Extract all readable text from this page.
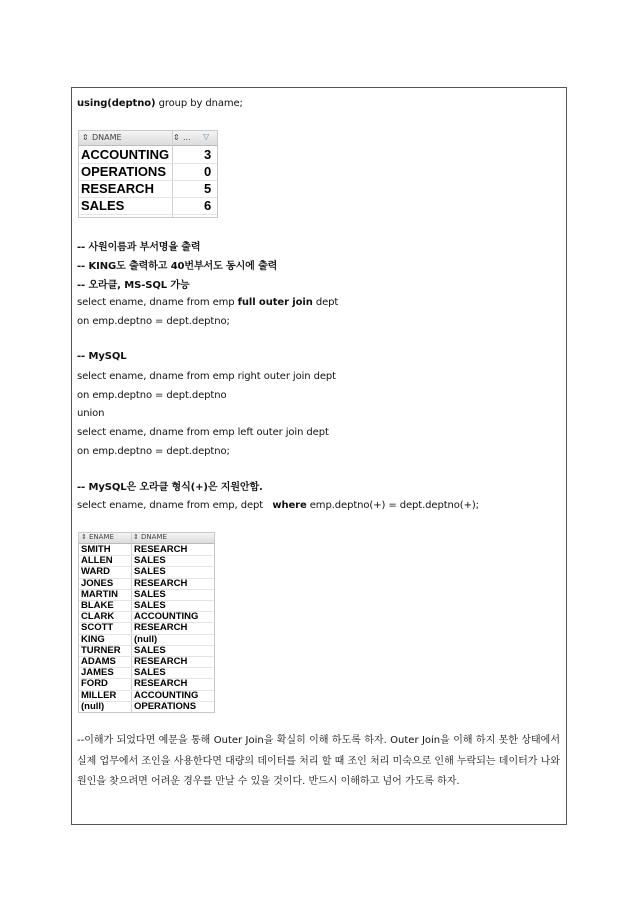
using(deptno) group by dname;
⇕ DNAME	⇕ ... ▽
ACCOUNTING	3
OPERATIONS	0
RESEARCH	5
SALES	6
-- 사원이름과 부서명을 출력
-- KING도 출력하고 40번부서도 동시에 출력
-- 오라클, MS-SQL 가능
select ename, dname from emp full outer join dept
on emp.deptno = dept.deptno;
-- MySQL
select ename, dname from emp right outer join dept
on emp.deptno = dept.deptno
union
select ename, dname from emp left outer join dept
on emp.deptno = dept.deptno;
-- MySQL은 오라클 형식(+)은 지원안함.
select ename, dname from emp, dept   where emp.deptno(+) = dept.deptno(+);
⇕ ENAME	⇕ DNAME
SMITH RESEARCH
ALLEN SALES
WARD	SALES
JONES RESEARCH
MARTIN SALES
BLAKE SALES
CLARK ACCOUNTING
SCOTT RESEARCH
KING	(null)
TURNER SALES
ADAMS RESEARCH
JAMES SALES
FORD	RESEARCH
MILLER ACCOUNTING
(null)	OPERATIONS
--이해가 되었다면 예문을 통해 Outer Join을 확실히 이해 하도록 하자. Outer Join을 이해 하지 못한 상태에서 실제 업무에서 조인을 사용한다면 대량의 데이터를 처리 할 때 조인 처리 미숙으로 인해 누락되는 데이터가 나와 원인을 찾으려면 어려운 경우를 만날 수 있을 것이다. 반드시 이해하고 넘어 가도록 하자.
